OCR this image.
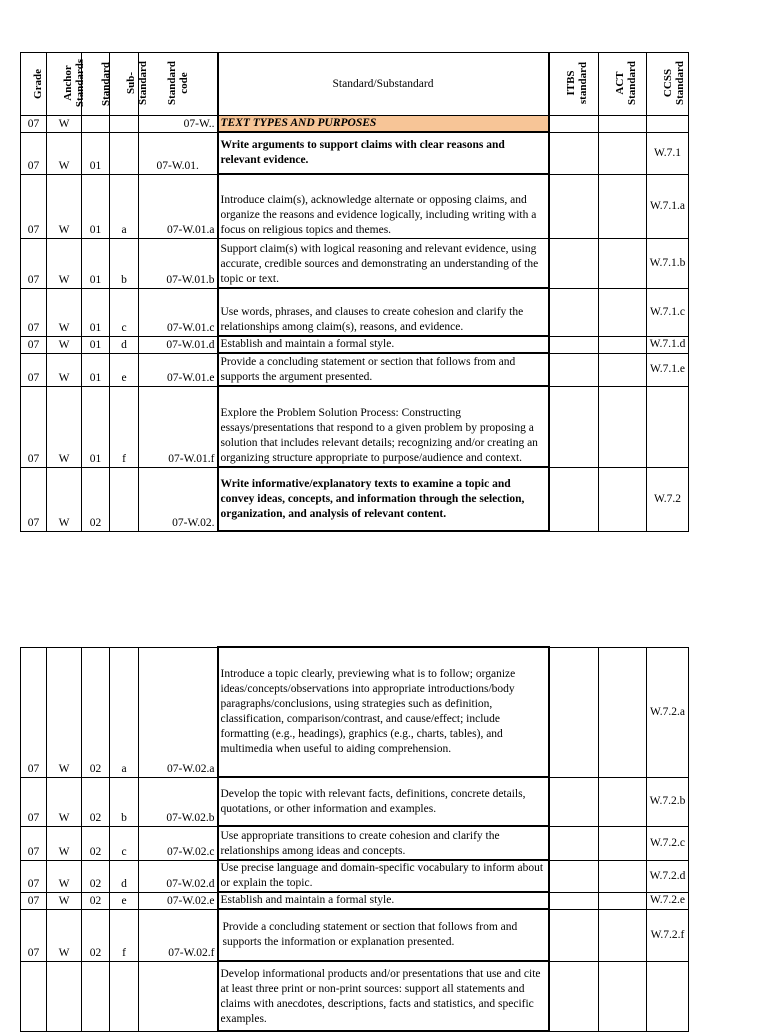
Grade	Anchor Standards	Standard	Sub-Standard	Standard code	Standard/Substandard	ITBS standard	ACT Standard	CCSS Standard
07	W			07-W..	TEXT TYPES AND PURPOSES			
07	W	01		07-W.01.	Write arguments to support claims with clear reasons and relevant evidence.			W.7.1
07	W	01	a	07-W.01.a	Introduce claim(s), acknowledge alternate or opposing claims, and organize the reasons and evidence logically, including writing with a focus on religious topics and themes.			W.7.1.a
07	W	01	b	07-W.01.b	Support claim(s) with logical reasoning and relevant evidence, using accurate, credible sources and demonstrating an understanding of the topic or text.			W.7.1.b
07	W	01	c	07-W.01.c	Use words, phrases, and clauses to create cohesion and clarify the relationships among claim(s), reasons, and evidence.			W.7.1.c
07	W	01	d	07-W.01.d	Establish and maintain a formal style.			W.7.1.d
07	W	01	e	07-W.01.e	Provide a concluding statement or section that follows from and supports the argument presented.			W.7.1.e
07	W	01	f	07-W.01.f	Explore the Problem Solution Process: Constructing essays/presentations that respond to a given problem by proposing a solution that includes relevant details; recognizing and/or creating an organizing structure appropriate to purpose/audience and context.			
07	W	02		07-W.02.	Write informative/explanatory texts to examine a topic and convey ideas, concepts, and information through the selection, organization, and analysis of relevant content.			W.7.2
07	W	02	a	07-W.02.a	Introduce a topic clearly, previewing what is to follow; organize ideas/concepts/observations into appropriate introductions/body paragraphs/conclusions, using strategies such as definition, classification, comparison/contrast, and cause/effect; include formatting (e.g., headings), graphics (e.g., charts, tables), and multimedia when useful to aiding comprehension.			W.7.2.a
07	W	02	b	07-W.02.b	Develop the topic with relevant facts, definitions, concrete details, quotations, or other information and examples.			W.7.2.b
07	W	02	c	07-W.02.c	Use appropriate transitions to create cohesion and clarify the relationships among ideas and concepts.			W.7.2.c
07	W	02	d	07-W.02.d	Use precise language and domain-specific vocabulary to inform about or explain the topic.			W.7.2.d
07	W	02	e	07-W.02.e	Establish and maintain a formal style.			W.7.2.e
07	W	02	f	07-W.02.f	Provide a concluding statement or section that follows from and supports the information or explanation presented.			W.7.2.f
					Develop informational products and/or presentations that use and cite at least three print or non-print sources: support all statements and claims with anecdotes, descriptions, facts and statistics, and specific examples.			
